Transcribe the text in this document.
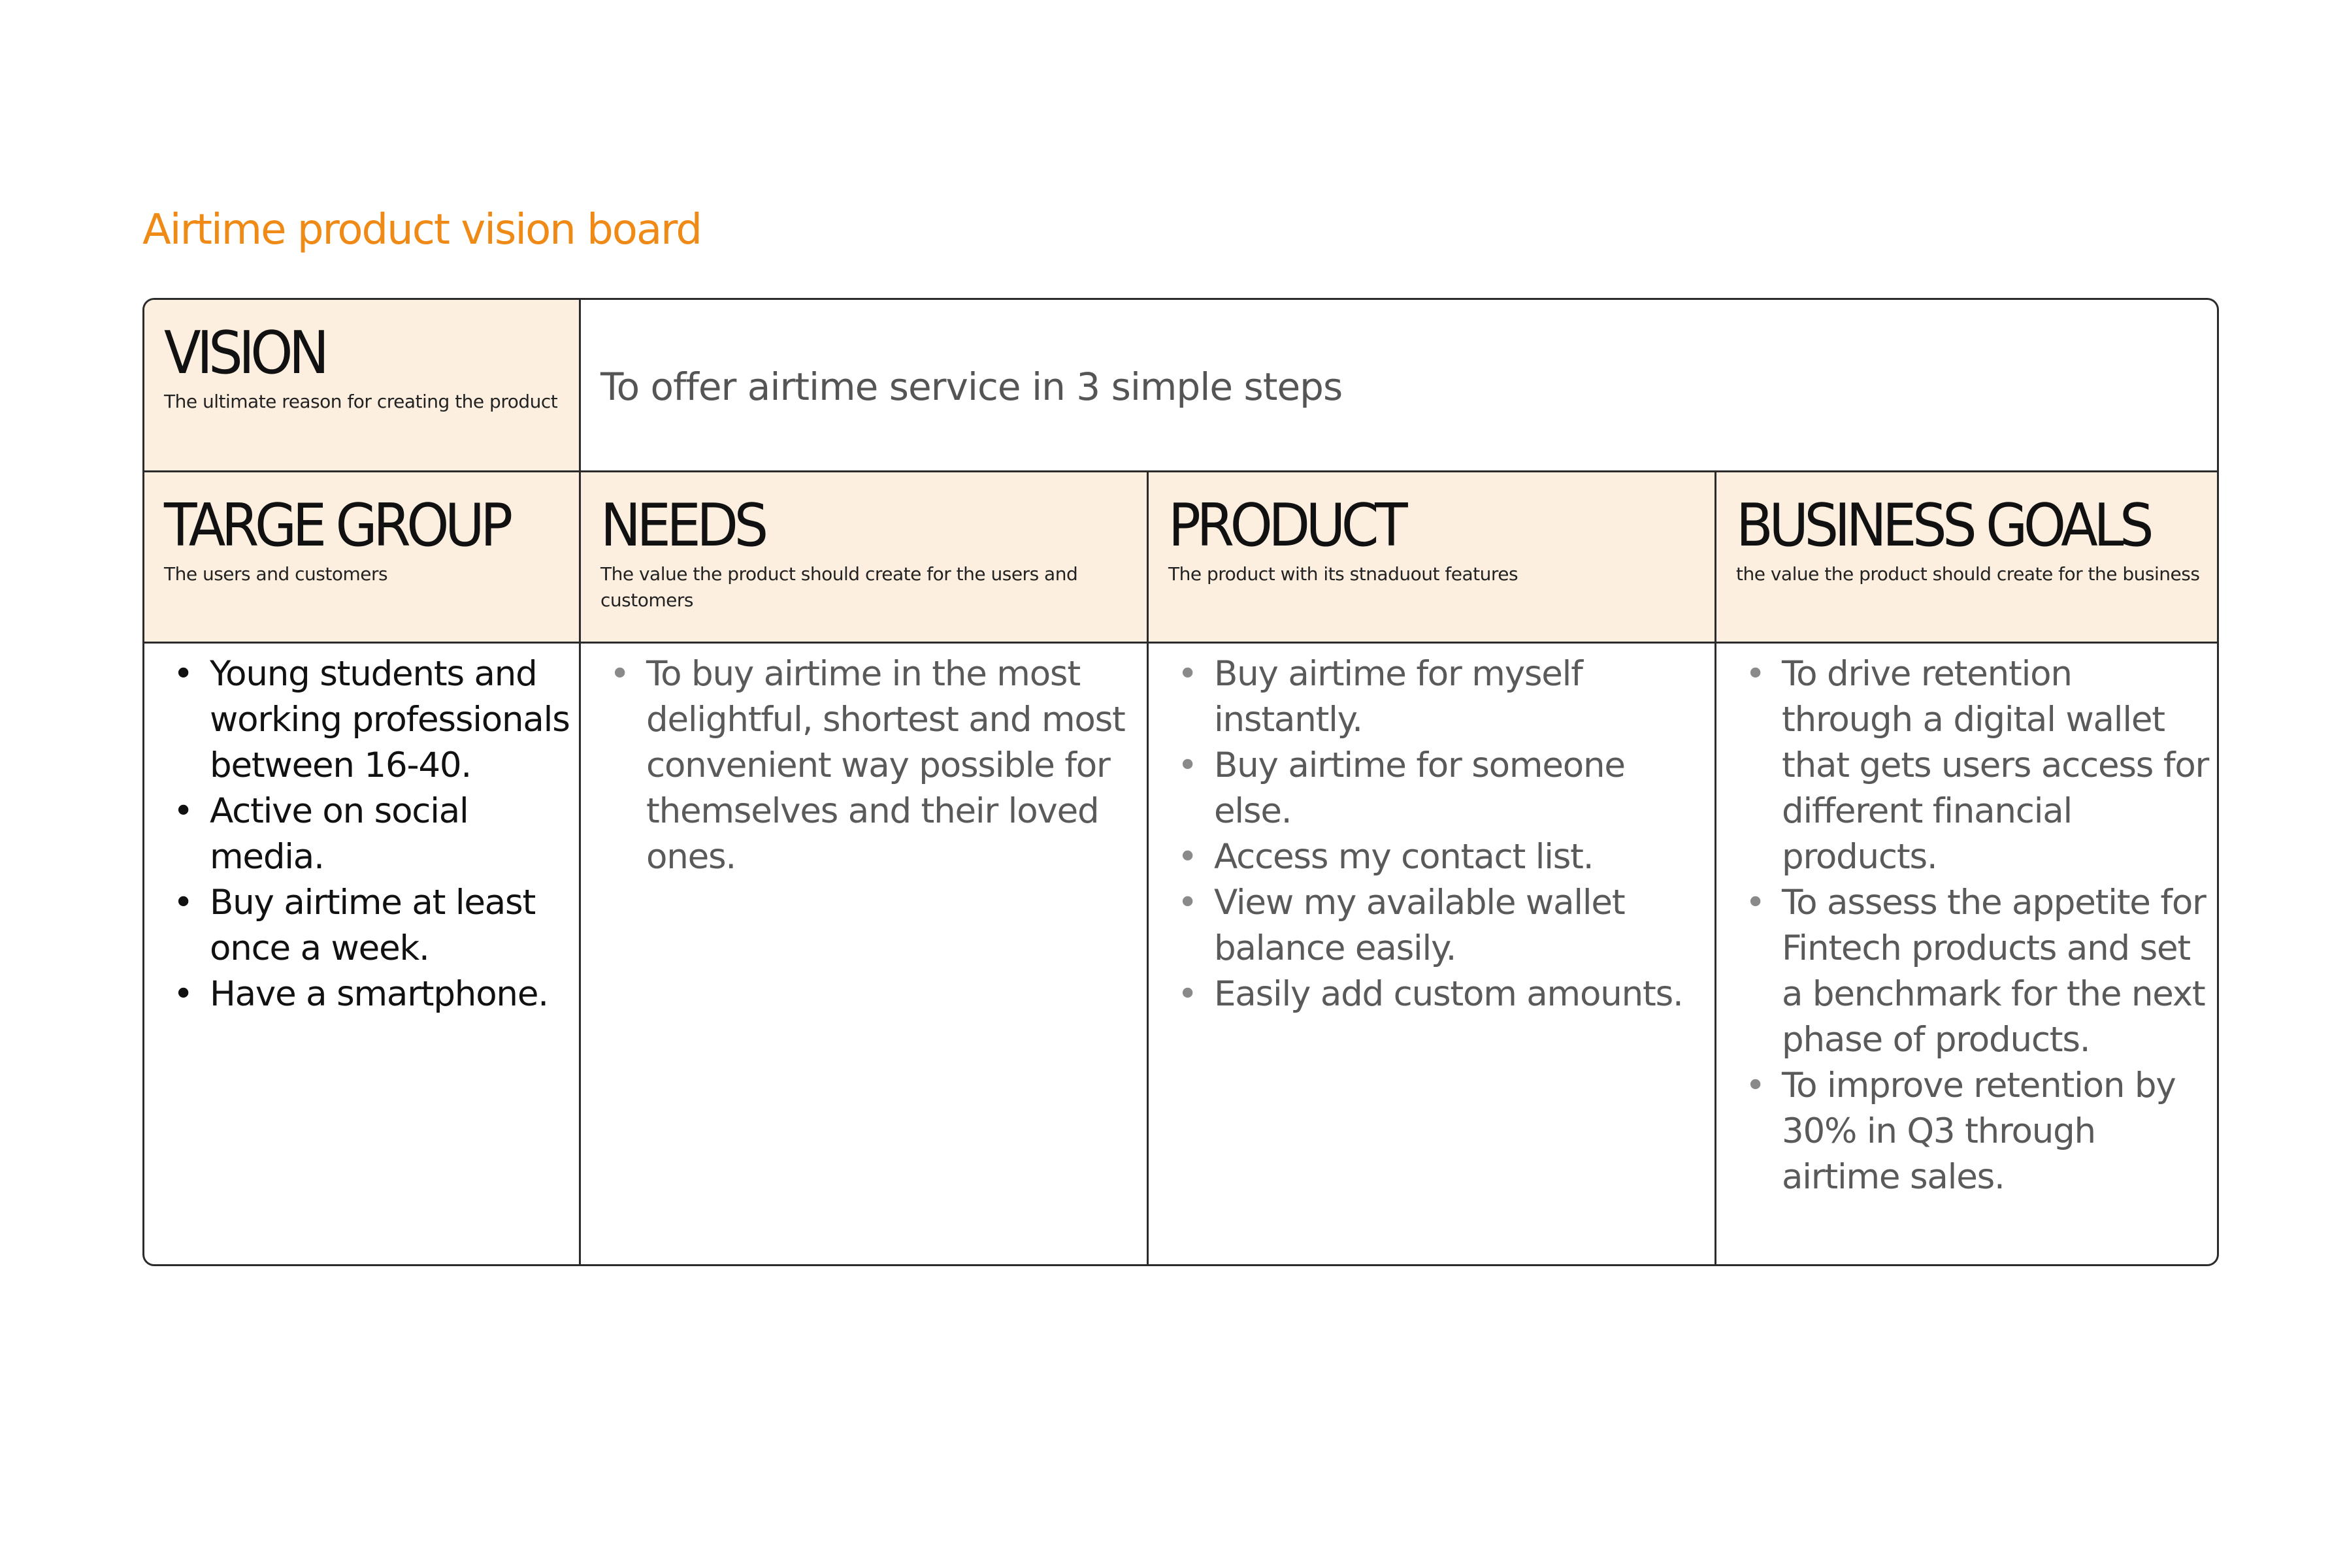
Airtime product vision board
VISION
The ultimate reason for creating the product	To offer airtime service in 3 simple steps
TARGE GROUP
The users and customers
NEEDS
The value the product should create for the users and customers
PRODUCT
The product with its stnaduout features
BUSINESS GOALS
the value the product should create for the business
• Young students and working professionals between 16-40.
• Active on social media.
• Buy airtime at least once a week.
• Have a smartphone.
• To buy airtime in the most delightful, shortest and most convenient way possible for themselves and their loved ones.
• Buy airtime for myself instantly.
• Buy airtime for someone else.
• Access my contact list.
• View my available wallet balance easily.
• Easily add custom amounts.
• To drive retention through a digital wallet that gets users access for different financial products.
• To assess the appetite for Fintech products and set a benchmark for the next phase of products.
• To improve retention by 30% in Q3 through airtime sales.
